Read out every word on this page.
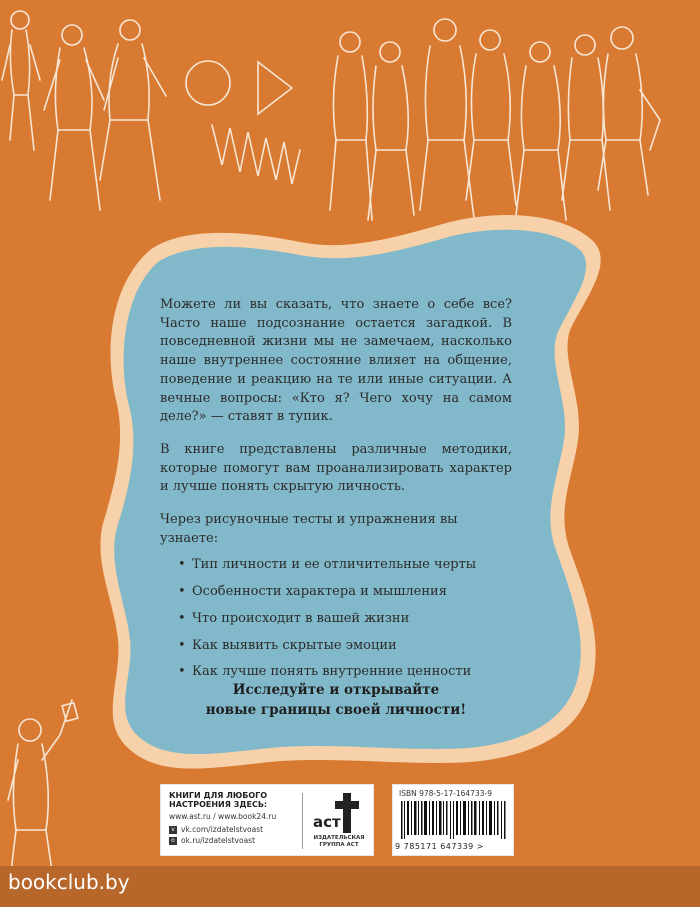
Можете ли вы сказать, что знаете о себе все? Часто наше подсознание остается загадкой. В повседневной жизни мы не замечаем, насколько наше внутреннее состояние влияет на общение, поведение и реакцию на те или иные ситуации. А вечные вопросы: «Кто я? Чего хочу на самом деле?» — ставят в тупик.

В книге представлены различные методики, которые помогут вам проанализировать характер и лучше понять скрытую личность.

Через рисуночные тесты и упражнения вы узнаете:
• Тип личности и ее отличительные черты
• Особенности характера и мышления
• Что происходит в вашей жизни
• Как выявить скрытые эмоции
• Как лучше понять внутренние ценности
Исследуйте и открывайте
новые границы своей личности!
КНИГИ ДЛЯ ЛЮБОГО
НАСТРОЕНИЯ ЗДЕСЬ:
www.ast.ru / www.book24.ru
v vk.com/izdatelstvoast
o ok.ru/izdatelstvoast
аст
ИЗДАТЕЛЬСКАЯ
ГРУППА АСТ
ISBN 978-5-17-164733-9
9 785171 647339 >
bookclub.by
